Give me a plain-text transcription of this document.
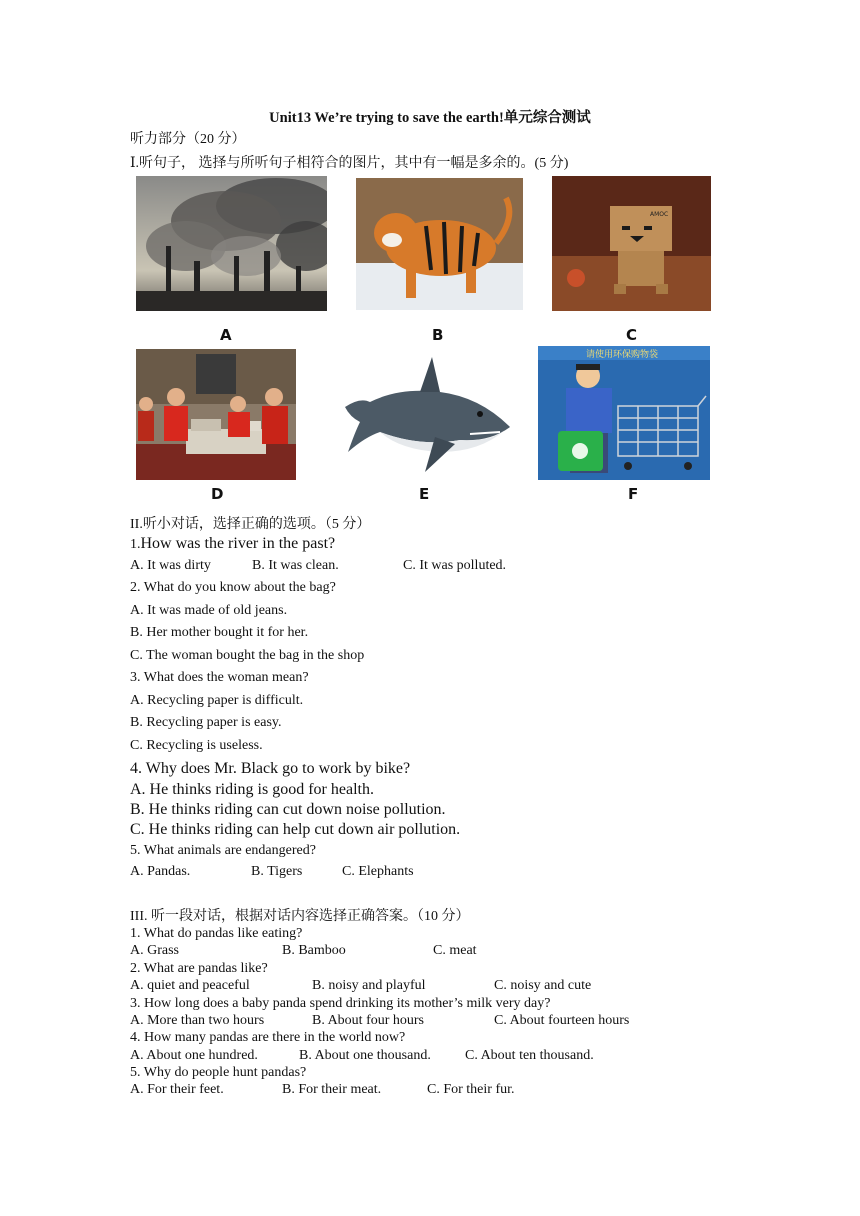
Unit13 We’re trying to save the earth!单元综合测试
听力部分（20 分）
Ⅰ.听句子， 选择与所听句子相符合的图片，其中有一幅是多余的。(5 分)
A	B
AMOC
C
D	E
请使用环保购物袋
F
II.听小对话，选择正确的选项。（5 分）
1.How was the river in the past?
A. It was dirty	B. It was clean.	C. It was polluted.
2. What do you know about the bag?
A. It was made of old jeans.
B. Her mother bought it for her.
C. The woman bought the bag in the shop
3. What does the woman mean?
A. Recycling paper is difficult.
B. Recycling paper is easy.
C. Recycling is useless.
4. Why does Mr. Black go to work by bike?
A. He thinks riding is good for health.
B. He thinks riding can cut down noise pollution.
C. He thinks riding can help cut down air pollution.
5. What animals are endangered?
A. Pandas.	B. Tigers	C. Elephants
III. 听一段对话，根据对话内容选择正确答案。（10 分）
1. What do pandas like eating?
A. Grass	B. Bamboo	C. meat
2. What are pandas like?
A. quiet and peaceful	B. noisy and playful	C. noisy and cute
3. How long does a baby panda spend drinking its mother’s milk very day?
A. More than two hours	B. About four hours	C. About fourteen hours
4. How many pandas are there in the world now?
A. About one hundred.	B. About one thousand. C. About ten thousand.
5. Why do people hunt pandas?
A. For their feet.	B. For their meat.	C. For their fur.
